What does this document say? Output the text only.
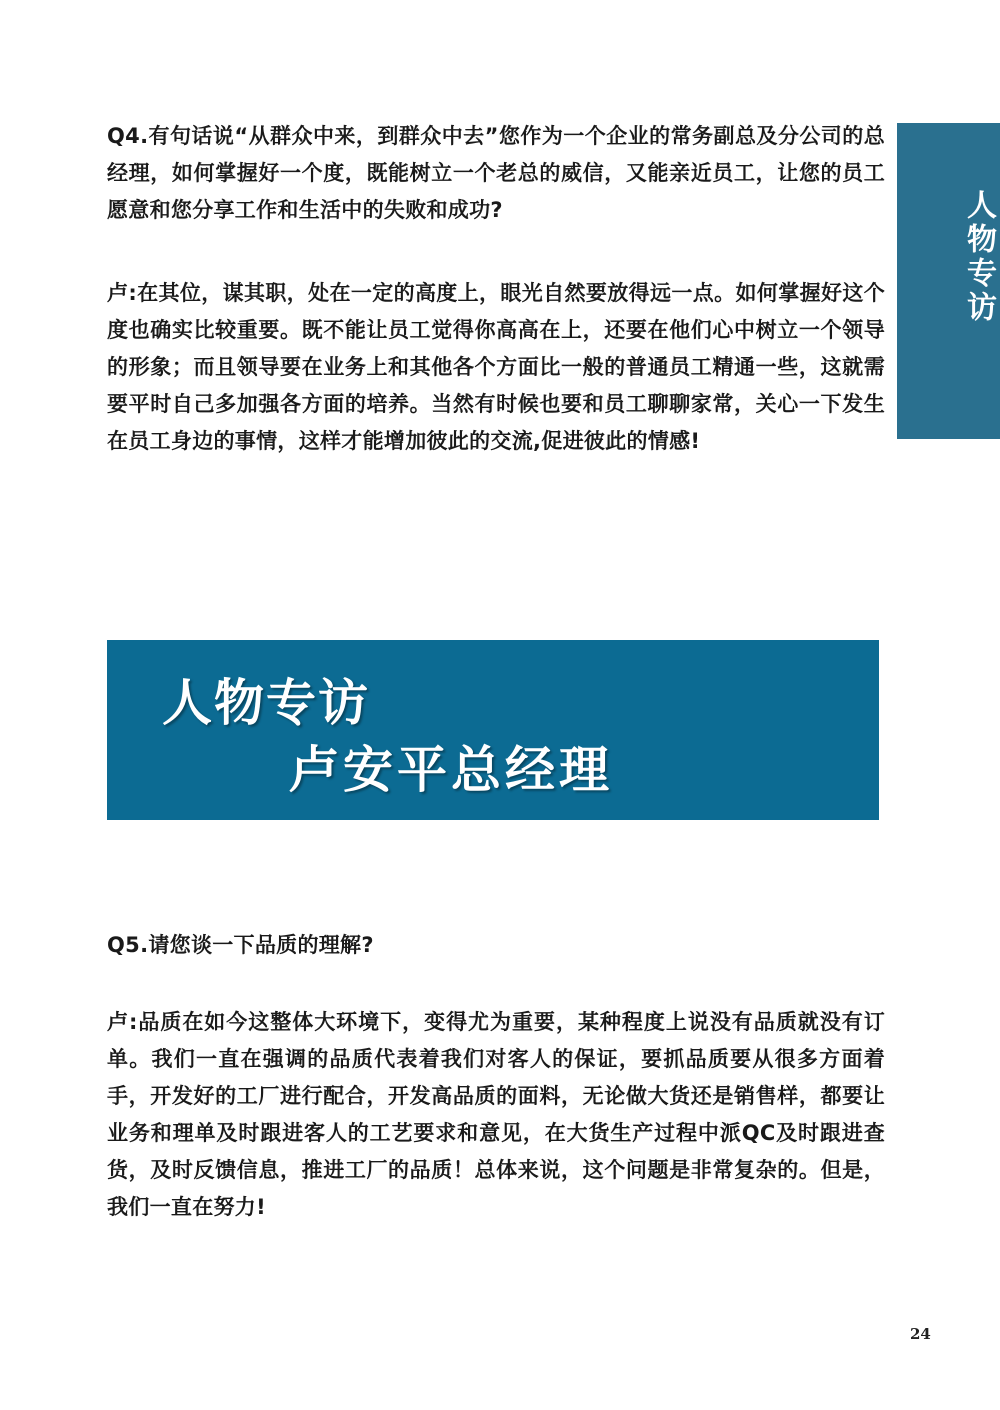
人物专访

Q4.有句话说“从群众中来，到群众中去”您作为一个企业的常务副总及分公司的总经理，如何掌握好一个度，既能树立一个老总的威信，又能亲近员工，让您的员工愿意和您分享工作和生活中的失败和成功?

卢:在其位，谋其职，处在一定的高度上，眼光自然要放得远一点。如何掌握好这个度也确实比较重要。既不能让员工觉得你高高在上，还要在他们心中树立一个领导的形象；而且领导要在业务上和其他各个方面比一般的普通员工精通一些，这就需要平时自己多加强各方面的培养。当然有时候也要和员工聊聊家常，关心一下发生在员工身边的事情，这样才能增加彼此的交流,促进彼此的情感!

人物专访
卢安平总经理

Q5.请您谈一下品质的理解?

卢:品质在如今这整体大环境下，变得尤为重要，某种程度上说没有品质就没有订单。我们一直在强调的品质代表着我们对客人的保证，要抓品质要从很多方面着手，开发好的工厂进行配合，开发高品质的面料，无论做大货还是销售样，都要让业务和理单及时跟进客人的工艺要求和意见，在大货生产过程中派QC及时跟进查货，及时反馈信息，推进工厂的品质！总体来说，这个问题是非常复杂的。但是，我们一直在努力!

24
